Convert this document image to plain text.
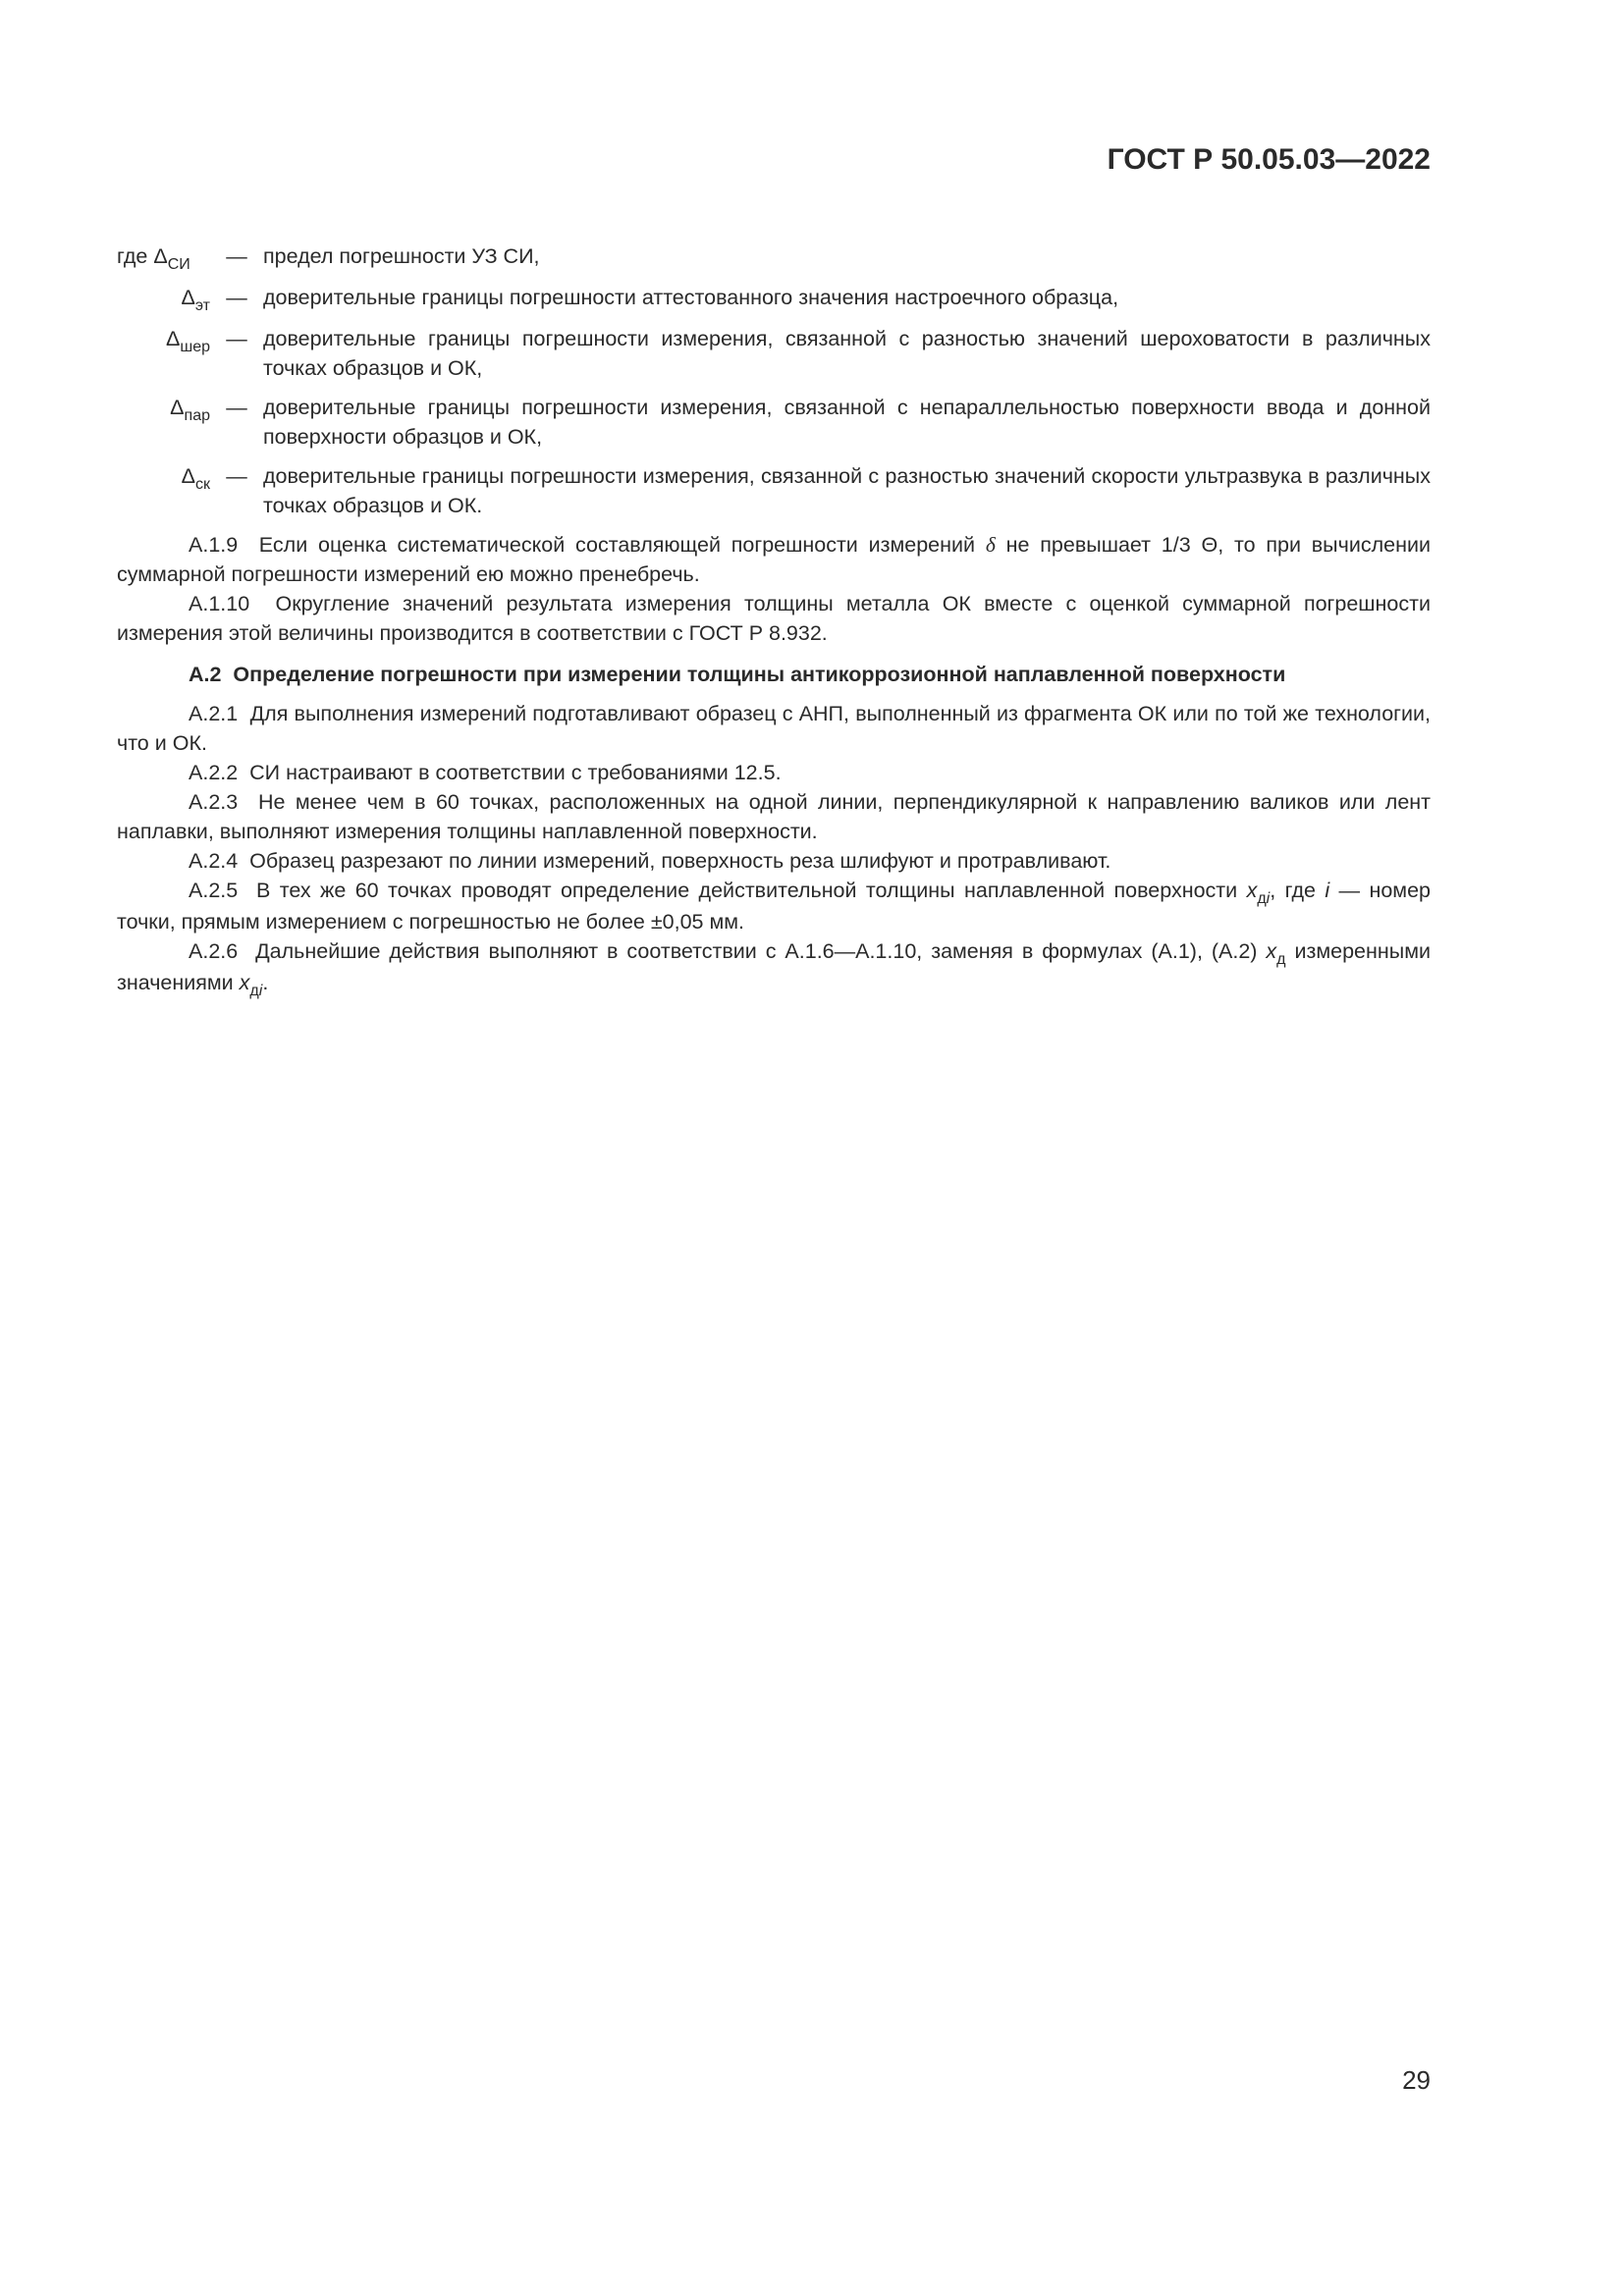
ГОСТ Р 50.05.03—2022
где $\Delta_{СИ}$	— предел погрешности УЗ СИ,
$\Delta_{эт}$ — доверительные границы погрешности аттестованного значения настроечного образца,
$\Delta_{шер}$ — доверительные границы погрешности измерения, связанной с разностью значений шероховатости в различных точках образцов и ОК,
$\Delta_{пар}$ — доверительные границы погрешности измерения, связанной с непараллельностью поверхности ввода и донной поверхности образцов и ОК,
$\Delta_{ск}$ — доверительные границы погрешности измерения, связанной с разностью значений скорости ультразвука в различных точках образцов и ОК.

А.1.9  Если оценка систематической составляющей погрешности измерений δ не превышает 1/3 Θ, то при вычислении суммарной погрешности измерений ею можно пренебречь.

А.1.10  Округление значений результата измерения толщины металла ОК вместе с оценкой суммарной погрешности измерения этой величины производится в соответствии с ГОСТ Р 8.932.

А.2  Определение погрешности при измерении толщины антикоррозионной наплавленной поверхности

А.2.1  Для выполнения измерений подготавливают образец с АНП, выполненный из фрагмента ОК или по той же технологии, что и ОК.

А.2.2  СИ настраивают в соответствии с требованиями 12.5.

А.2.3  Не менее чем в 60 точках, расположенных на одной линии, перпендикулярной к направлению валиков или лент наплавки, выполняют измерения толщины наплавленной поверхности.

А.2.4  Образец разрезают по линии измерений, поверхность реза шлифуют и протравливают.

А.2.5  В тех же 60 точках проводят определение действительной толщины наплавленной поверхности $х_{дi}$, где i — номер точки, прямым измерением с погрешностью не более ±0,05 мм.

А.2.6  Дальнейшие действия выполняют в соответствии с А.1.6—А.1.10, заменяя в формулах (А.1), (А.2) $х_д$ измеренными значениями $х_{дi}$.

29
